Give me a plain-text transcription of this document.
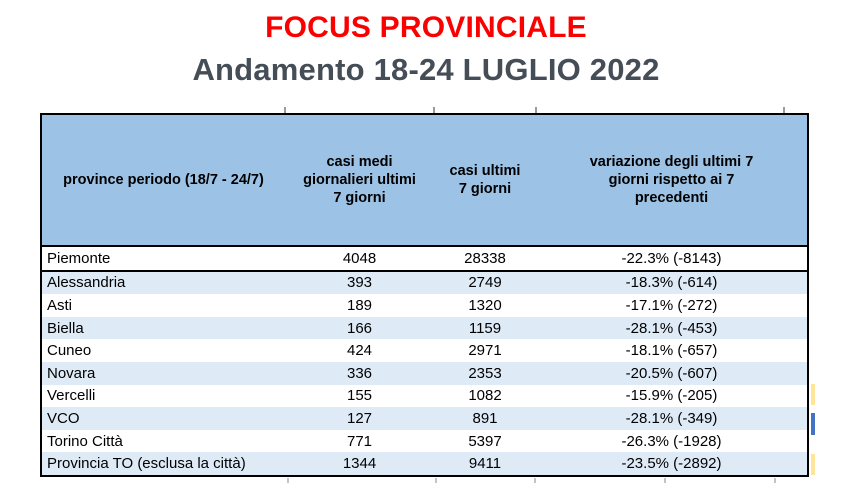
FOCUS PROVINCIALE
Andamento 18-24 LUGLIO 2022
province periodo (18/7 - 24/7)	casi medi giornalieri ultimi 7 giorni	casi ultimi 7 giorni	variazione degli ultimi 7 giorni rispetto ai 7 precedenti
Piemonte	4048	28338	-22.3% (-8143)
Alessandria	393	2749	-18.3% (-614)
Asti	189	1320	-17.1% (-272)
Biella	166	1159	-28.1% (-453)
Cuneo	424	2971	-18.1% (-657)
Novara	336	2353	-20.5% (-607)
Vercelli	155	1082	-15.9% (-205)
VCO	127	891	-28.1% (-349)
Torino Città	771	5397	-26.3% (-1928)
Provincia TO (esclusa la città)	1344	9411	-23.5% (-2892)
